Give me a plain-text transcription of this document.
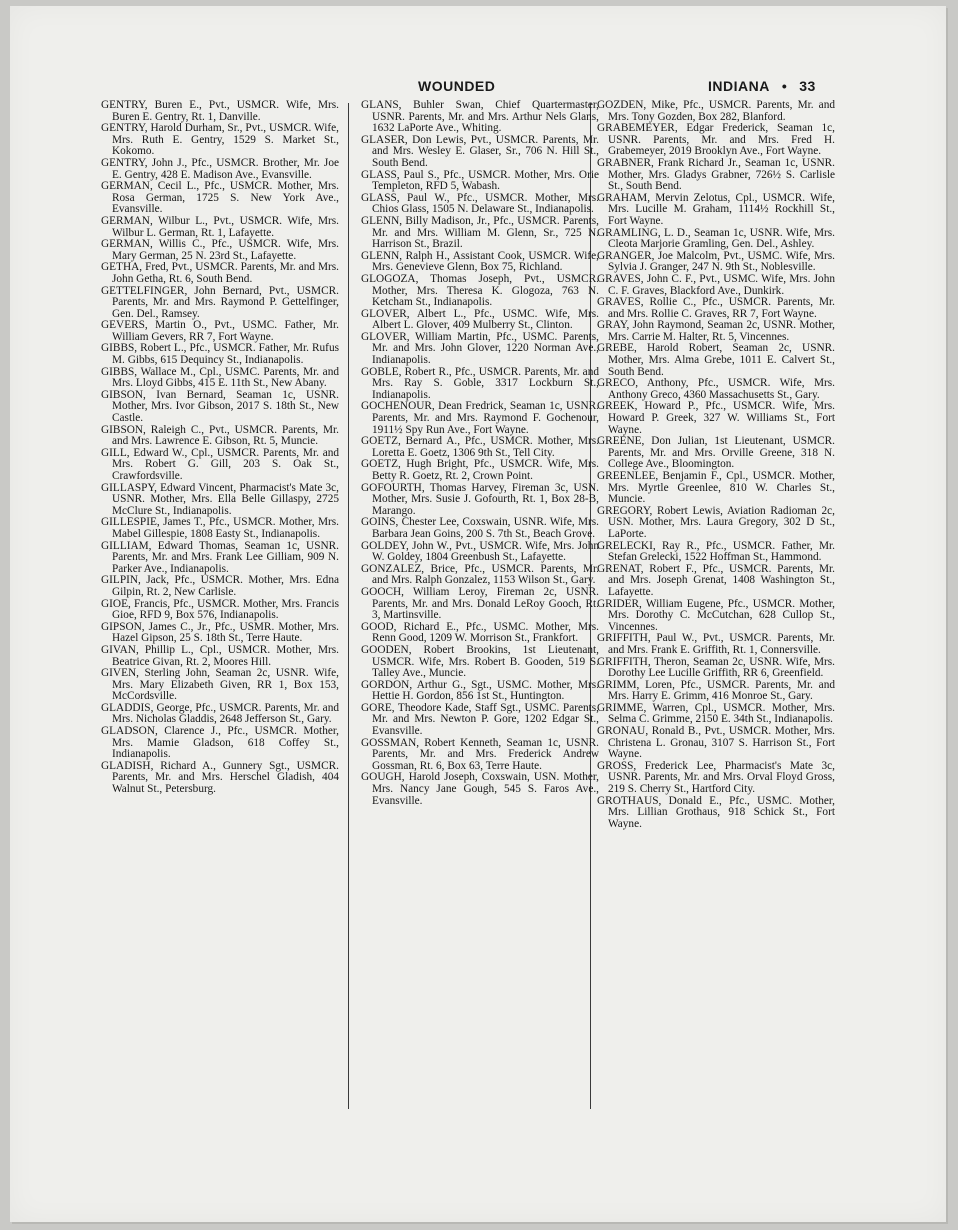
WOUNDED	INDIANA • 33
GENTRY, Buren E., Pvt., USMCR. Wife, Mrs. Buren E. Gentry, Rt. 1, Danville.
GENTRY, Harold Durham, Sr., Pvt., USMCR. Wife, Mrs. Ruth E. Gentry, 1529 S. Market St., Kokomo.
GENTRY, John J., Pfc., USMCR. Brother, Mr. Joe E. Gentry, 428 E. Madison Ave., Evansville.
GERMAN, Cecil L., Pfc., USMCR. Mother, Mrs. Rosa German, 1725 S. New York Ave., Evansville.
GERMAN, Wilbur L., Pvt., USMCR. Wife, Mrs. Wilbur L. German, Rt. 1, Lafayette.
GERMAN, Willis C., Pfc., USMCR. Wife, Mrs. Mary German, 25 N. 23rd St., Lafayette.
GETHA, Fred, Pvt., USMCR. Parents, Mr. and Mrs. John Getha, Rt. 6, South Bend.
GETTELFINGER, John Bernard, Pvt., USMCR. Parents, Mr. and Mrs. Raymond P. Gettelfinger, Gen. Del., Ramsey.
GEVERS, Martin O., Pvt., USMC. Father, Mr. William Gevers, RR 7, Fort Wayne.
GIBBS, Robert L., Pfc., USMCR. Father, Mr. Rufus M. Gibbs, 615 Dequincy St., Indianapolis.
GIBBS, Wallace M., Cpl., USMC. Parents, Mr. and Mrs. Lloyd Gibbs, 415 E. 11th St., New Abany.
GIBSON, Ivan Bernard, Seaman 1c, USNR. Mother, Mrs. Ivor Gibson, 2017 S. 18th St., New Castle.
GIBSON, Raleigh C., Pvt., USMCR. Parents, Mr. and Mrs. Lawrence E. Gibson, Rt. 5, Muncie.
GILL, Edward W., Cpl., USMCR. Parents, Mr. and Mrs. Robert G. Gill, 203 S. Oak St., Crawfordsville.
GILLASPY, Edward Vincent, Pharmacist's Mate 3c, USNR. Mother, Mrs. Ella Belle Gillaspy, 2725 McClure St., Indianapolis.
GILLESPIE, James T., Pfc., USMCR. Mother, Mrs. Mabel Gillespie, 1808 Easty St., Indianapolis.
GILLIAM, Edward Thomas, Seaman 1c, USNR. Parents, Mr. and Mrs. Frank Lee Gilliam, 909 N. Parker Ave., Indianapolis.
GILPIN, Jack, Pfc., USMCR. Mother, Mrs. Edna Gilpin, Rt. 2, New Carlisle.
GIOE, Francis, Pfc., USMCR. Mother, Mrs. Francis Gioe, RFD 9, Box 576, Indianapolis.
GIPSON, James C., Jr., Pfc., USMR. Mother, Mrs. Hazel Gipson, 25 S. 18th St., Terre Haute.
GIVAN, Phillip L., Cpl., USMCR. Mother, Mrs. Beatrice Givan, Rt. 2, Moores Hill.
GIVEN, Sterling John, Seaman 2c, USNR. Wife, Mrs. Mary Elizabeth Given, RR 1, Box 153, McCordsville.
GLADDIS, George, Pfc., USMCR. Parents, Mr. and Mrs. Nicholas Gladdis, 2648 Jefferson St., Gary.
GLADSON, Clarence J., Pfc., USMCR. Mother, Mrs. Mamie Gladson, 618 Coffey St., Indianapolis.
GLADISH, Richard A., Gunnery Sgt., USMCR. Parents, Mr. and Mrs. Herschel Gladish, 404 Walnut St., Petersburg.
GLANS, Buhler Swan, Chief Quartermaster, USNR. Parents, Mr. and Mrs. Arthur Nels Glans, 1632 LaPorte Ave., Whiting.
GLASER, Don Lewis, Pvt., USMCR. Parents, Mr. and Mrs. Wesley E. Glaser, Sr., 706 N. Hill St., South Bend.
GLASS, Paul S., Pfc., USMCR. Mother, Mrs. Orie Templeton, RFD 5, Wabash.
GLASS, Paul W., Pfc., USMCR. Mother, Mrs. Chios Glass, 1505 N. Delaware St., Indianapolis.
GLENN, Billy Madison, Jr., Pfc., USMCR. Parents, Mr. and Mrs. William M. Glenn, Sr., 725 N. Harrison St., Brazil.
GLENN, Ralph H., Assistant Cook, USMCR. Wife, Mrs. Genevieve Glenn, Box 75, Richland.
GLOGOZA, Thomas Joseph, Pvt., USMCR. Mother, Mrs. Theresa K. Glogoza, 763 N. Ketcham St., Indianapolis.
GLOVER, Albert L., Pfc., USMC. Wife, Mrs. Albert L. Glover, 409 Mulberry St., Clinton.
GLOVER, William Martin, Pfc., USMC. Parents, Mr. and Mrs. John Glover, 1220 Norman Ave., Indianapolis.
GOBLE, Robert R., Pfc., USMCR. Parents, Mr. and Mrs. Ray S. Goble, 3317 Lockburn St., Indianapolis.
GOCHENOUR, Dean Fredrick, Seaman 1c, USNR. Parents, Mr. and Mrs. Raymond F. Gochenour, 1911½ Spy Run Ave., Fort Wayne.
GOETZ, Bernard A., Pfc., USMCR. Mother, Mrs. Loretta E. Goetz, 1306 9th St., Tell City.
GOETZ, Hugh Bright, Pfc., USMCR. Wife, Mrs. Betty R. Goetz, Rt. 2, Crown Point.
GOFOURTH, Thomas Harvey, Fireman 3c, USN. Mother, Mrs. Susie J. Gofourth, Rt. 1, Box 28-B, Marango.
GOINS, Chester Lee, Coxswain, USNR. Wife, Mrs. Barbara Jean Goins, 200 S. 7th St., Beach Grove.
GOLDEY, John W., Pvt., USMCR. Wife, Mrs. John W. Goldey, 1804 Greenbush St., Lafayette.
GONZALEZ, Brice, Pfc., USMCR. Parents, Mr. and Mrs. Ralph Gonzalez, 1153 Wilson St., Gary.
GOOCH, William Leroy, Fireman 2c, USNR. Parents, Mr. and Mrs. Donald LeRoy Gooch, Rt. 3, Martinsville.
GOOD, Richard E., Pfc., USMC. Mother, Mrs. Renn Good, 1209 W. Morrison St., Frankfort.
GOODEN, Robert Brookins, 1st Lieutenant, USMCR. Wife, Mrs. Robert B. Gooden, 519 S. Talley Ave., Muncie.
GORDON, Arthur G., Sgt., USMC. Mother, Mrs. Hettie H. Gordon, 856 1st St., Huntington.
GORE, Theodore Kade, Staff Sgt., USMC. Parents, Mr. and Mrs. Newton P. Gore, 1202 Edgar St., Evansville.
GOSSMAN, Robert Kenneth, Seaman 1c, USNR. Parents, Mr. and Mrs. Frederick Andrew Gossman, Rt. 6, Box 63, Terre Haute.
GOUGH, Harold Joseph, Coxswain, USN. Mother, Mrs. Nancy Jane Gough, 545 S. Faros Ave., Evansville.
GOZDEN, Mike, Pfc., USMCR. Parents, Mr. and Mrs. Tony Gozden, Box 282, Blanford.
GRABEMEYER, Edgar Frederick, Seaman 1c, USNR. Parents, Mr. and Mrs. Fred H. Grabemeyer, 2019 Brooklyn Ave., Fort Wayne.
GRABNER, Frank Richard Jr., Seaman 1c, USNR. Mother, Mrs. Gladys Grabner, 726½ S. Carlisle St., South Bend.
GRAHAM, Mervin Zelotus, Cpl., USMCR. Wife, Mrs. Lucille M. Graham, 1114½ Rockhill St., Fort Wayne.
GRAMLING, L. D., Seaman 1c, USNR. Wife, Mrs. Cleota Marjorie Gramling, Gen. Del., Ashley.
GRANGER, Joe Malcolm, Pvt., USMC. Wife, Mrs. Sylvia J. Granger, 247 N. 9th St., Noblesville.
GRAVES, John C. F., Pvt., USMC. Wife, Mrs. John C. F. Graves, Blackford Ave., Dunkirk.
GRAVES, Rollie C., Pfc., USMCR. Parents, Mr. and Mrs. Rollie C. Graves, RR 7, Fort Wayne.
GRAY, John Raymond, Seaman 2c, USNR. Mother, Mrs. Carrie M. Halter, Rt. 5, Vincennes.
GREBE, Harold Robert, Seaman 2c, USNR. Mother, Mrs. Alma Grebe, 1011 E. Calvert St., South Bend.
GRECO, Anthony, Pfc., USMCR. Wife, Mrs. Anthony Greco, 4360 Massachusetts St., Gary.
GREEK, Howard P., Pfc., USMCR. Wife, Mrs. Howard P. Greek, 327 W. Williams St., Fort Wayne.
GREENE, Don Julian, 1st Lieutenant, USMCR. Parents, Mr. and Mrs. Orville Greene, 318 N. College Ave., Bloomington.
GREENLEE, Benjamin F., Cpl., USMCR. Mother, Mrs. Myrtle Greenlee, 810 W. Charles St., Muncie.
GREGORY, Robert Lewis, Aviation Radioman 2c, USN. Mother, Mrs. Laura Gregory, 302 D St., LaPorte.
GRELECKI, Ray R., Pfc., USMCR. Father, Mr. Stefan Grelecki, 1522 Hoffman St., Hammond.
GRENAT, Robert F., Pfc., USMCR. Parents, Mr. and Mrs. Joseph Grenat, 1408 Washington St., Lafayette.
GRIDER, William Eugene, Pfc., USMCR. Mother, Mrs. Dorothy C. McCutchan, 628 Cullop St., Vincennes.
GRIFFITH, Paul W., Pvt., USMCR. Parents, Mr. and Mrs. Frank E. Griffith, Rt. 1, Connersville.
GRIFFITH, Theron, Seaman 2c, USNR. Wife, Mrs. Dorothy Lee Lucille Griffith, RR 6, Greenfield.
GRIMM, Loren, Pfc., USMCR. Parents, Mr. and Mrs. Harry E. Grimm, 416 Monroe St., Gary.
GRIMME, Warren, Cpl., USMCR. Mother, Mrs. Selma C. Grimme, 2150 E. 34th St., Indianapolis.
GRONAU, Ronald B., Pvt., USMCR. Mother, Mrs. Christena L. Gronau, 3107 S. Harrison St., Fort Wayne.
GROSS, Frederick Lee, Pharmacist's Mate 3c, USNR. Parents, Mr. and Mrs. Orval Floyd Gross, 219 S. Cherry St., Hartford City.
GROTHAUS, Donald E., Pfc., USMC. Mother, Mrs. Lillian Grothaus, 918 Schick St., Fort Wayne.
